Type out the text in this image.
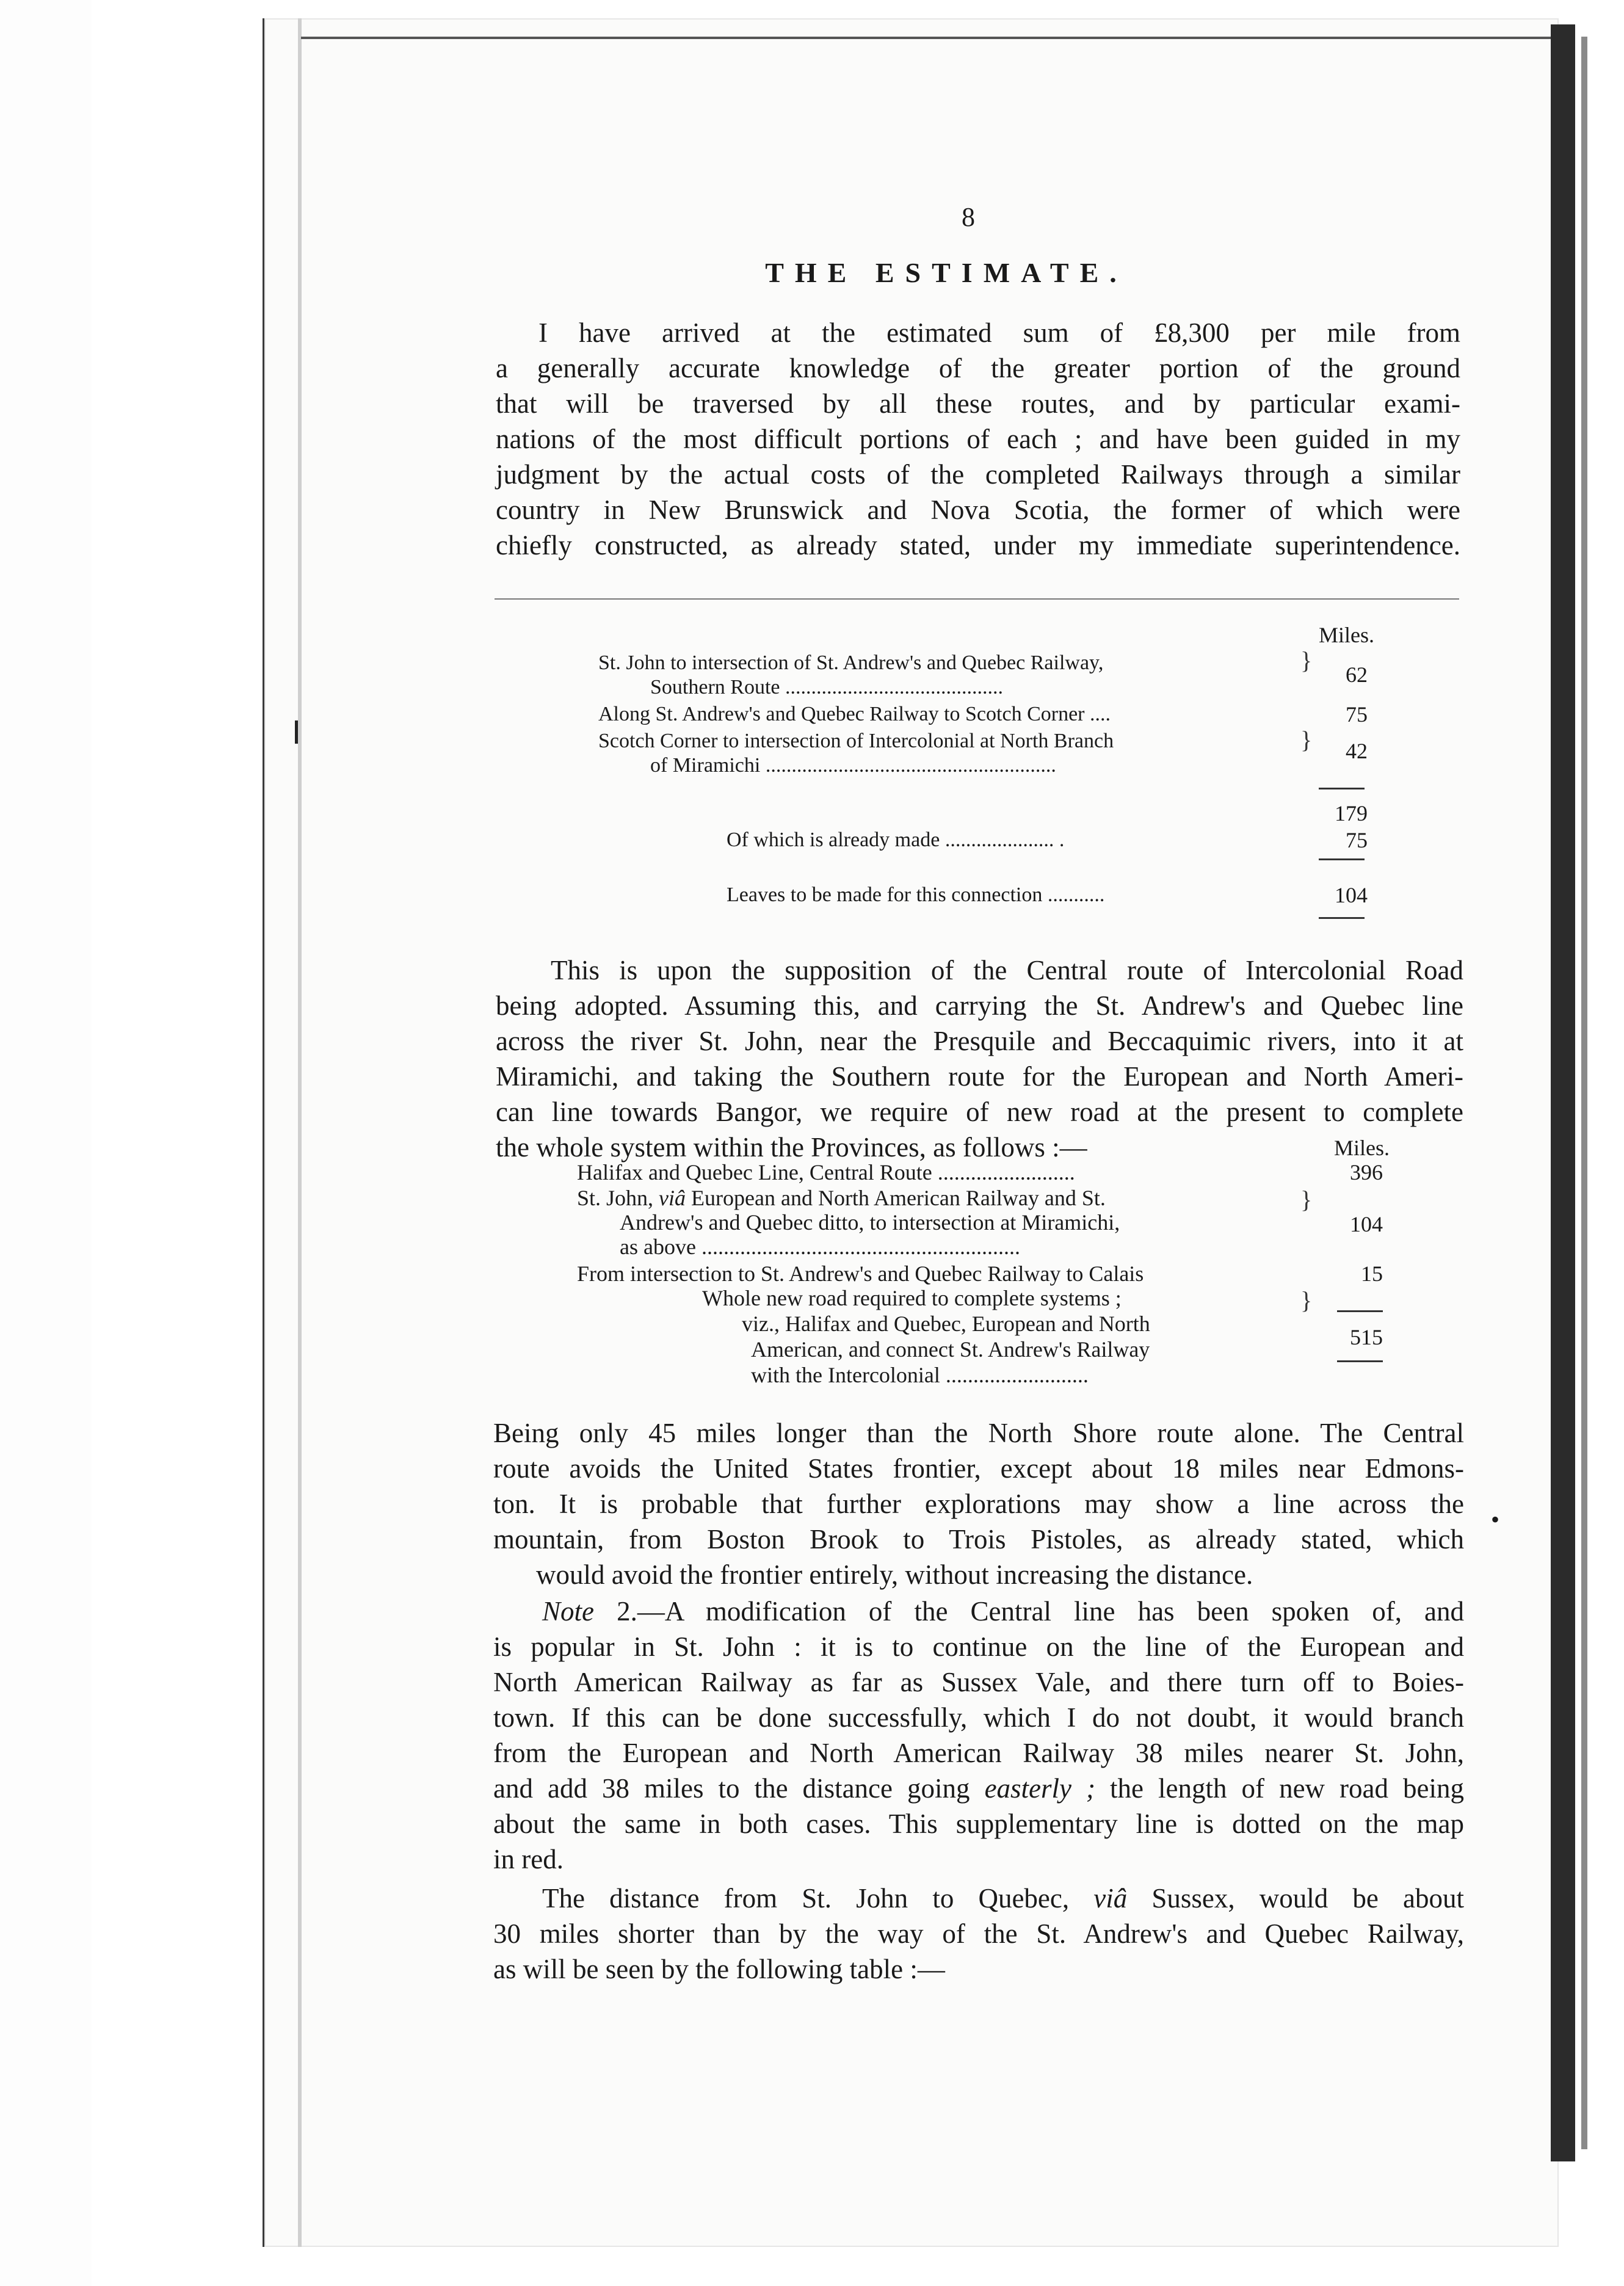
8
THE ESTIMATE.
I have arrived at the estimated sum of £8,300 per mile from
a generally accurate knowledge of the greater portion of the ground
that will be traversed by all these routes, and by particular exami-
nations of the most difficult portions of each ; and have been guided in my
judgment by the actual costs of the completed Railways through a similar
country in New Brunswick and Nova Scotia, the former of which were
chiefly constructed, as already stated, under my immediate superintendence.
Miles.
St. John to intersection of St. Andrew's and Quebec Railway,
Southern Route ..........................................
}
62
Along St. Andrew's and Quebec Railway to Scotch Corner ....	75
Scotch Corner to intersection of Intercolonial at North Branch
of Miramichi ........................................................
}	42
179
Of which is already made ..................... .	75
Leaves to be made for this connection ...........	104
This is upon the supposition of the Central route of Intercolonial Road
being adopted. Assuming this, and carrying the St. Andrew's and Quebec line
across the river St. John, near the Presquile and Beccaquimic rivers, into it at
Miramichi, and taking the Southern route for the European and North Ameri-
can line towards Bangor, we require of new road at the present to complete
the whole system within the Provinces, as follows :—	Miles.
Halifax and Quebec Line, Central Route .........................	396
St. John, viâ European and North American Railway and St.
Andrew's and Quebec ditto, to intersection at Miramichi,
as above ..........................................................
}
104
From intersection to St. Andrew's and Quebec Railway to Calais	15
Whole new road required to complete systems ;
viz., Halifax and Quebec, European and North
American, and connect St. Andrew's Railway
with the Intercolonial ..........................
}
515
Being only 45 miles longer than the North Shore route alone. The Central
route avoids the United States frontier, except about 18 miles near Edmons-
ton. It is probable that further explorations may show a line across the
mountain, from Boston Brook to Trois Pistoles, as already stated, which
would avoid the frontier entirely, without increasing the distance.
•
Note 2.—A modification of the Central line has been spoken of, and
is popular in St. John : it is to continue on the line of the European and
North American Railway as far as Sussex Vale, and there turn off to Boies-
town. If this can be done successfully, which I do not doubt, it would branch
from the European and North American Railway 38 miles nearer St. John,
and add 38 miles to the distance going easterly ; the length of new road being
about the same in both cases. This supplementary line is dotted on the map
in red.
The distance from St. John to Quebec, viâ Sussex, would be about
30 miles shorter than by the way of the St. Andrew's and Quebec Railway,
as will be seen by the following table :—
